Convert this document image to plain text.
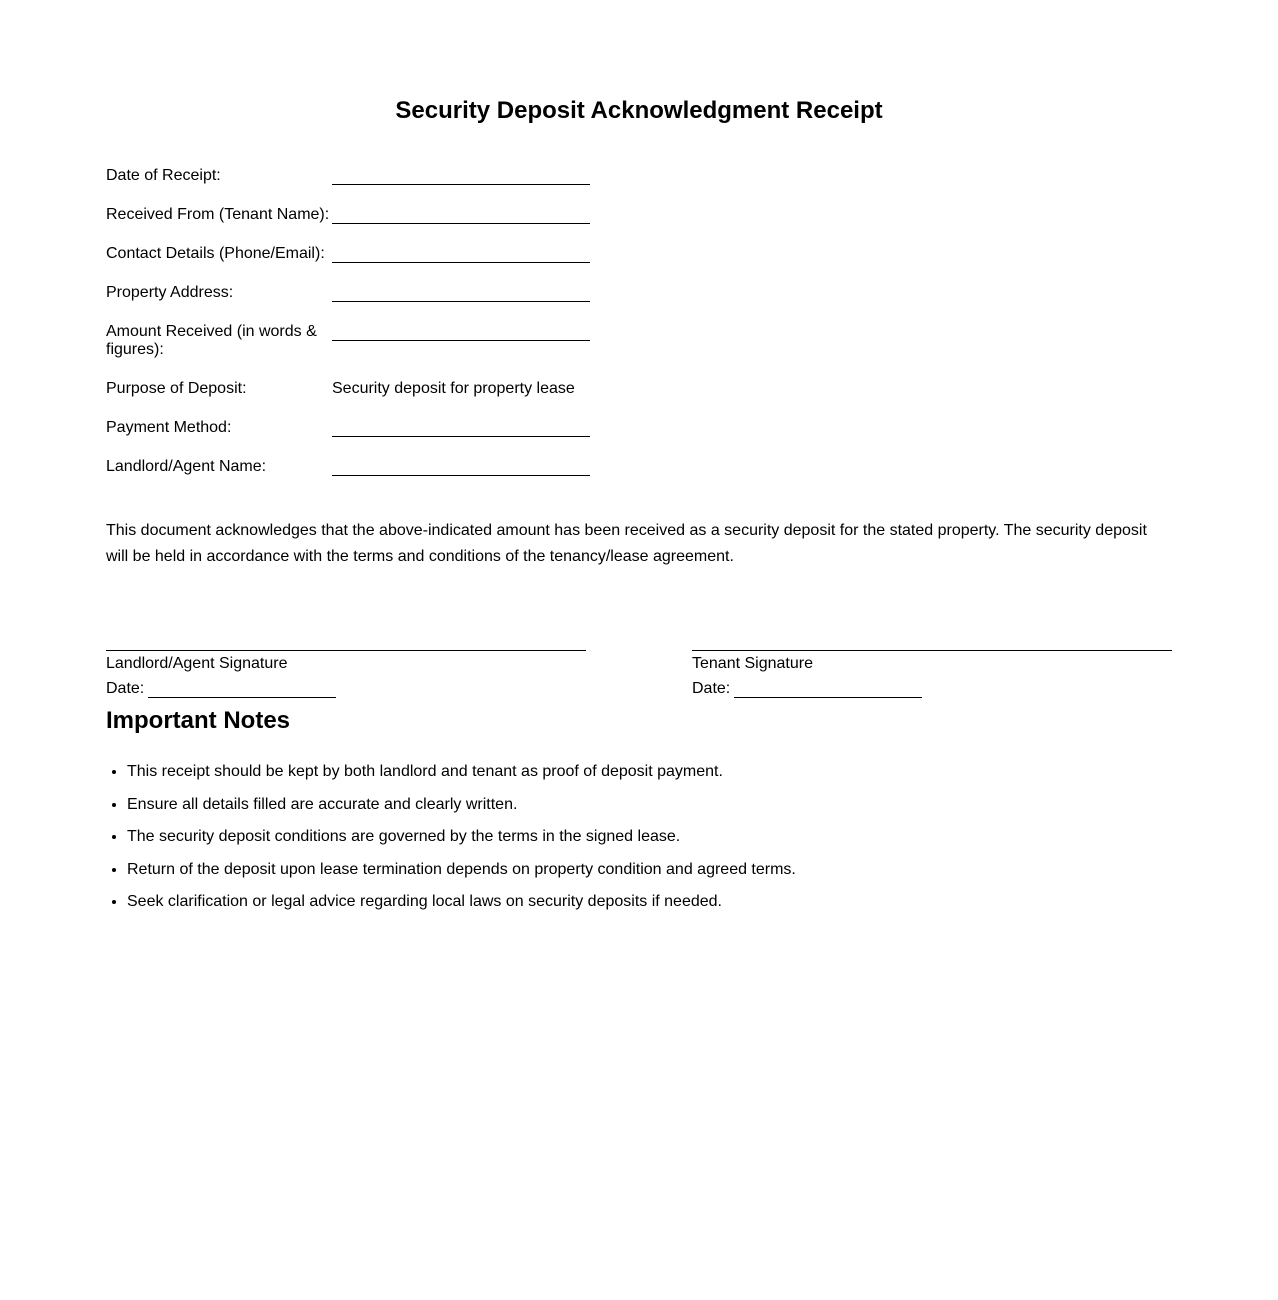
Security Deposit Acknowledgment Receipt
Date of Receipt:
Received From (Tenant Name):
Contact Details (Phone/Email):
Property Address:
Amount Received (in words & figures):
Purpose of Deposit:	Security deposit for property lease
Payment Method:
Landlord/Agent Name:

This document acknowledges that the above-indicated amount has been received as a security deposit for the stated property. The security deposit will be held in accordance with the terms and conditions of the tenancy/lease agreement.

Landlord/Agent Signature
Date:
Tenant Signature
Date:
Important Notes
• This receipt should be kept by both landlord and tenant as proof of deposit payment.
• Ensure all details filled are accurate and clearly written.
• The security deposit conditions are governed by the terms in the signed lease.
• Return of the deposit upon lease termination depends on property condition and agreed terms.
• Seek clarification or legal advice regarding local laws on security deposits if needed.
